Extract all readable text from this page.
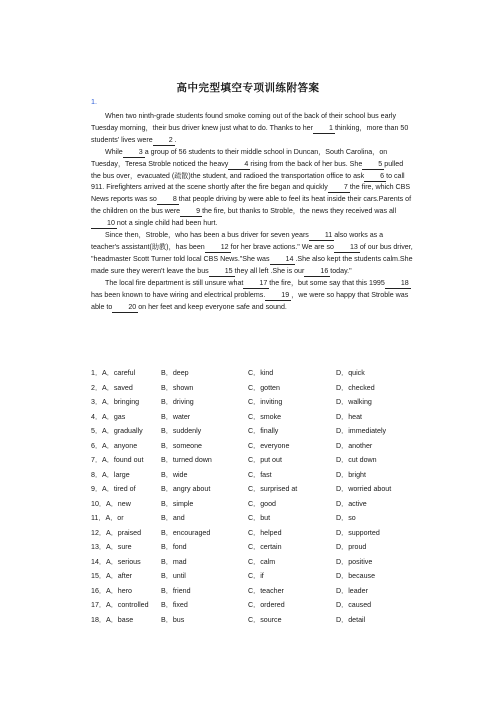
高中完型填空专项训练附答案
1.

When two ninth-grade students found smoke coming out of the back of their school bus early Tuesday morning，their bus driver knew just what to do. Thanks to her 1 thinking，more than 50 students' lives were 2 .

While 3 a group of 56 students to their middle school in Duncan，South Carolina，on Tuesday，Teresa Stroble noticed the heavy 4 rising from the back of her bus. She 5 pulled the bus over，evacuated (疏散)the student, and radioed the transportation office to ask 6 to call 911. Firefighters arrived at the scene shortly after the fire began and quickly 7 the fire, which CBS News reports was so 8 that people driving by were able to feel its heat inside their cars.Parents of the children on the bus were 9 the fire, but thanks to Stroble，the news they received was all10 not a single child had been hurt.

Since then，Stroble，who has been a bus driver for seven years 11 also works as a teacher's assistant(助教)，has been 12 for her brave actions." We are so 13 of our bus driver, "headmaster Scott Turner told local CBS News."She was 14 .She also kept the students calm.She made sure they weren't leave the bus 15 they all left .She is our 16 today."

The local fire department is still unsure what 17 the fire，but some say that this 1995 18has been known to have wiring and electrical problems. 19 ，we were so happy that Stroble was able to 20 on her feet and keep everyone safe and sound.

1．A．careful	B．deep	C．kind	D．quick
2．A．saved	B．shown	C．gotten	D．checked
3．A．bringing	B．driving	C．inviting	D．walking
4．A．gas	B．water	C．smoke	D．heat
5．A．gradually	B．suddenly	C．finally	D．immediately
6．A．anyone	B．someone	C．everyone	D．another
7．A．found out B．turned down	C．put out	D．cut down
8．A．large	B．wide	C．fast	D．bright
9．A．tired of	B．angry about	C．surprised at	D．worried about
10．A．new	B．simple	C．good	D．active
11．A．or	B．and	C．but	D．so
12．A．praised	B．encouraged	C．helped	D．supported
13．A．sure	B．fond	C．certain	D．proud
14．A．serious	B．mad	C．calm	D．positive
15．A．after	B．until	C．if	D．because
16．A．hero	B．friend	C．teacher	D．leader
17．A．controlled B．fixed	C．ordered	D．caused
18．A．base	B．bus	C．source	D．detail
